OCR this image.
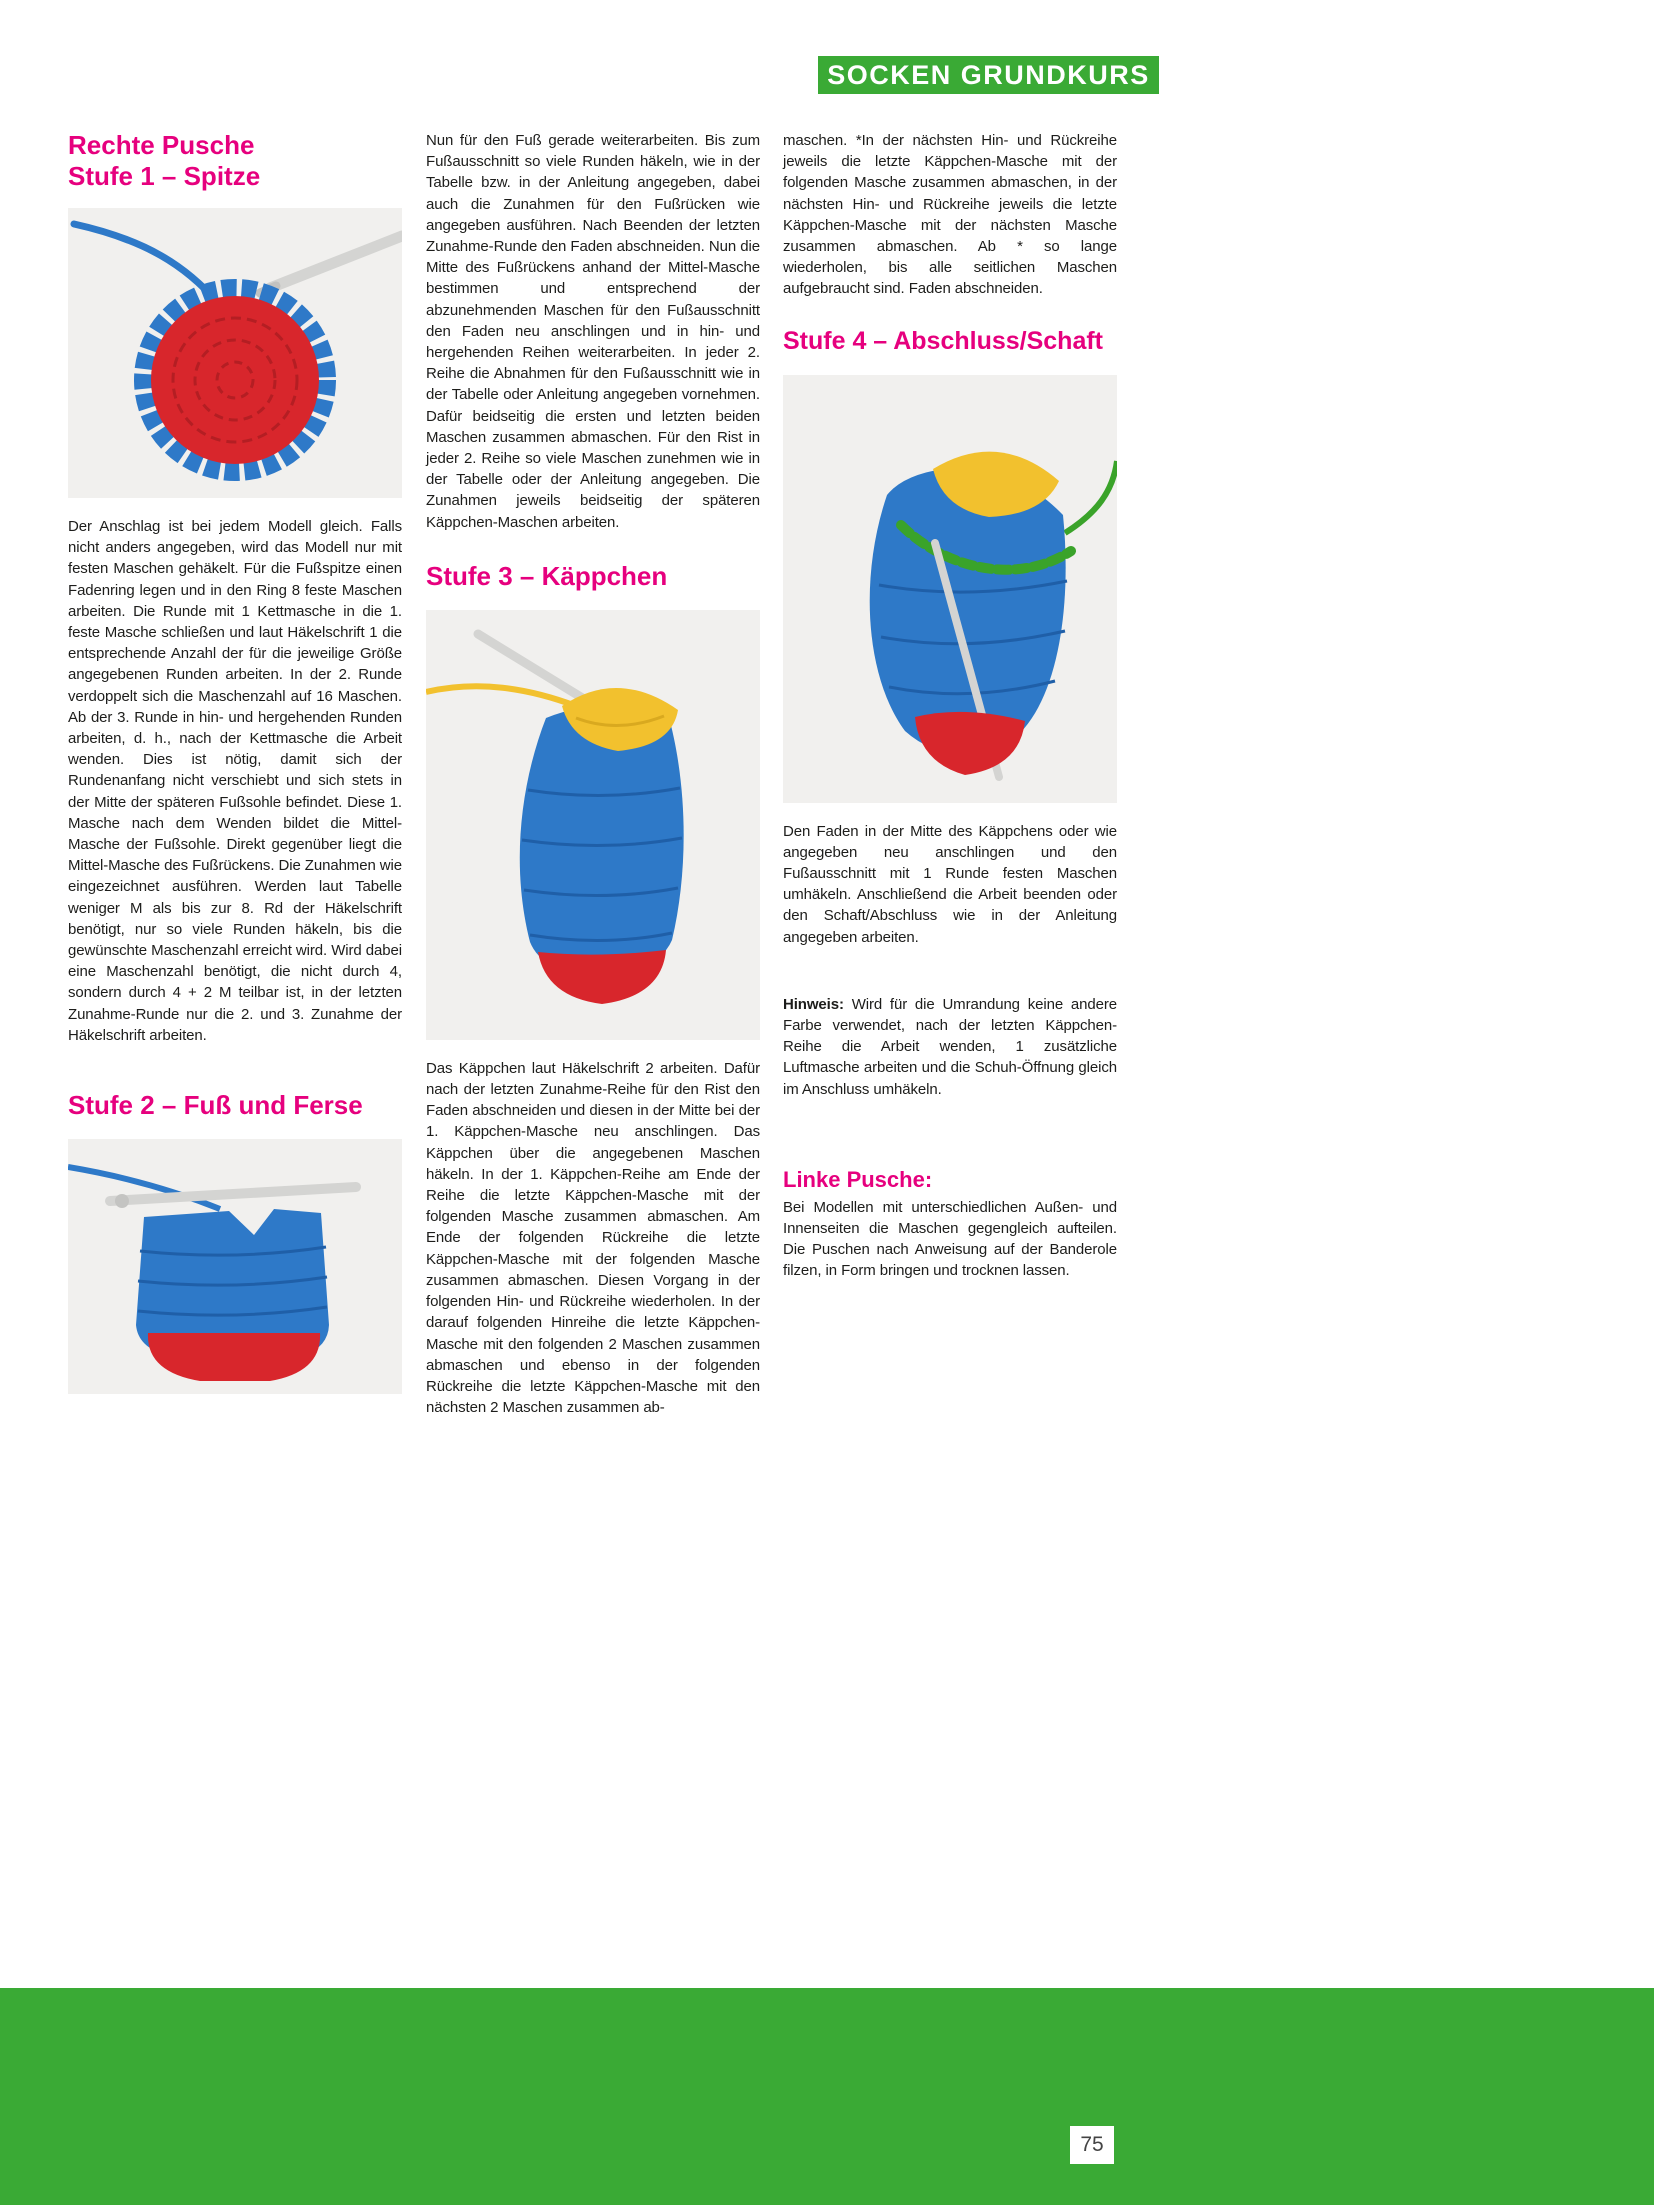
SOCKEN GRUNDKURS
Rechte Pusche
Stufe 1 – Spitze

Der Anschlag ist bei jedem Modell gleich. Falls nicht anders angegeben, wird das Modell nur mit festen Maschen gehäkelt. Für die Fußspitze einen Fadenring legen und in den Ring 8 feste Maschen arbeiten. Die Runde mit 1 Kettmasche in die 1. feste Masche schließen und laut Häkelschrift 1 die entsprechende Anzahl der für die jeweilige Größe angegebenen Runden arbeiten. In der 2. Runde verdoppelt sich die Maschenzahl auf 16 Maschen. Ab der 3. Runde in hin- und hergehenden Runden arbeiten, d. h., nach der Kettmasche die Arbeit wenden. Dies ist nötig, damit sich der Rundenanfang nicht verschiebt und sich stets in der Mitte der späteren Fußsohle befindet. Diese 1. Masche nach dem Wenden bildet die Mittel-Masche der Fußsohle. Direkt gegenüber liegt die Mittel-Masche des Fußrückens. Die Zunahmen wie eingezeichnet ausführen. Werden laut Tabelle weniger M als bis zur 8. Rd der Häkelschrift benötigt, nur so viele Runden häkeln, bis die gewünschte Maschenzahl erreicht wird. Wird dabei eine Maschenzahl benötigt, die nicht durch 4, sondern durch 4 + 2 M teilbar ist, in der letzten Zunahme-Runde nur die 2. und 3. Zunahme der Häkelschrift arbeiten.

Stufe 2 – Fuß und Ferse

Nun für den Fuß gerade weiterarbeiten. Bis zum Fußausschnitt so viele Runden häkeln, wie in der Tabelle bzw. in der Anleitung angegeben, dabei auch die Zunahmen für den Fußrücken wie angegeben ausführen. Nach Beenden der letzten Zunahme-Runde den Faden abschneiden. Nun die Mitte des Fußrückens anhand der Mittel-Masche bestimmen und entsprechend der abzunehmenden Maschen für den Fußausschnitt den Faden neu anschlingen und in hin- und hergehenden Reihen weiterarbeiten. In jeder 2. Reihe die Abnahmen für den Fußausschnitt wie in der Tabelle oder Anleitung angegeben vornehmen. Dafür beidseitig die ersten und letzten beiden Maschen zusammen abmaschen. Für den Rist in jeder 2. Reihe so viele Maschen zunehmen wie in der Tabelle oder der Anleitung angegeben. Die Zunahmen jeweils beidseitig der späteren Käppchen-Maschen arbeiten.

Stufe 3 – Käppchen

Das Käppchen laut Häkelschrift 2 arbeiten. Dafür nach der letzten Zunahme-Reihe für den Rist den Faden abschneiden und diesen in der Mitte bei der 1. Käppchen-Masche neu anschlingen. Das Käppchen über die angegebenen Maschen häkeln. In der 1. Käppchen-Reihe am Ende der Reihe die letzte Käppchen-Masche mit der folgenden Masche zusammen abmaschen. Am Ende der folgenden Rückreihe die letzte Käppchen-Masche mit der folgenden Masche zusammen abmaschen. Diesen Vorgang in der folgenden Hin- und Rückreihe wiederholen. In der darauf folgenden Hinreihe die letzte Käppchen-Masche mit den folgenden 2 Maschen zusammen abmaschen und ebenso in der folgenden Rückreihe die letzte Käppchen-Masche mit den nächsten 2 Maschen zusammen ab-

maschen. *In der nächsten Hin- und Rückreihe jeweils die letzte Käppchen-Masche mit der folgenden Masche zusammen abmaschen, in der nächsten Hin- und Rückreihe jeweils die letzte Käppchen-Masche mit der nächsten Masche zusammen abmaschen. Ab * so lange wiederholen, bis alle seitlichen Maschen aufgebraucht sind. Faden abschneiden.

Stufe 4 – Abschluss/Schaft

Den Faden in der Mitte des Käppchens oder wie angegeben neu anschlingen und den Fußausschnitt mit 1 Runde festen Maschen umhäkeln. Anschließend die Arbeit beenden oder den Schaft/Abschluss wie in der Anleitung angegeben arbeiten.

Hinweis: Wird für die Umrandung keine andere Farbe verwendet, nach der letzten Käppchen-Reihe die Arbeit wenden, 1 zusätzliche Luftmasche arbeiten und die Schuh-Öffnung gleich im Anschluss umhäkeln.

Linke Pusche:

Bei Modellen mit unterschiedlichen Außen- und Innenseiten die Maschen gegengleich aufteilen. Die Puschen nach Anweisung auf der Banderole filzen, in Form bringen und trocknen lassen.

75
